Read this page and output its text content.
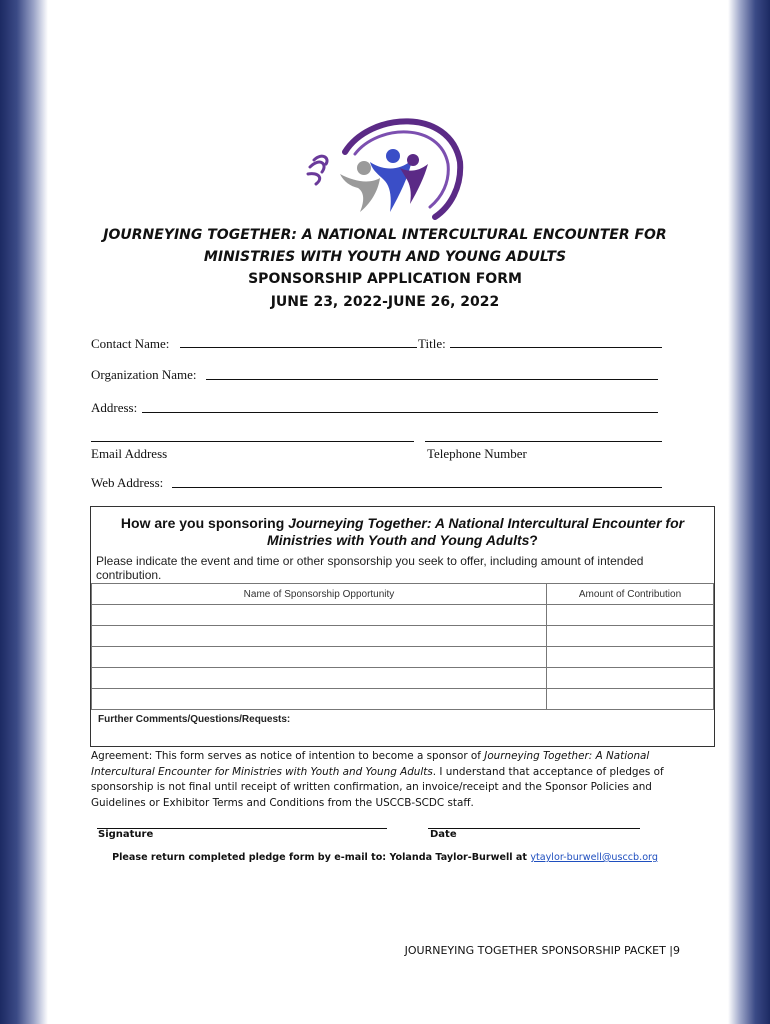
JOURNEYING TOGETHER: A NATIONAL INTERCULTURAL ENCOUNTER FOR
MINISTRIES WITH YOUTH AND YOUNG ADULTS
SPONSORSHIP APPLICATION FORM
JUNE 23, 2022-JUNE 26, 2022
Contact Name:	Title:
Organization Name:
Address:
Email Address	Telephone Number
Web Address:
How are you sponsoring Journeying Together: A National Intercultural Encounter for Ministries with Youth and Young Adults?
Please indicate the event and time or other sponsorship you seek to offer, including amount of intended contribution.
Name of Sponsorship Opportunity	Amount of Contribution

Further Comments/Questions/Requests:
Agreement: This form serves as notice of intention to become a sponsor of Journeying Together: A National Intercultural Encounter for Ministries with Youth and Young Adults. I understand that acceptance of pledges of sponsorship is not final until receipt of written confirmation, an invoice/receipt and the Sponsor Policies and Guidelines or Exhibitor Terms and Conditions from the USCCB-SCDC staff.
Signature	Date
Please return completed pledge form by e-mail to: Yolanda Taylor-Burwell at ytaylor-burwell@usccb.org
JOURNEYING TOGETHER SPONSORSHIP PACKET |9
